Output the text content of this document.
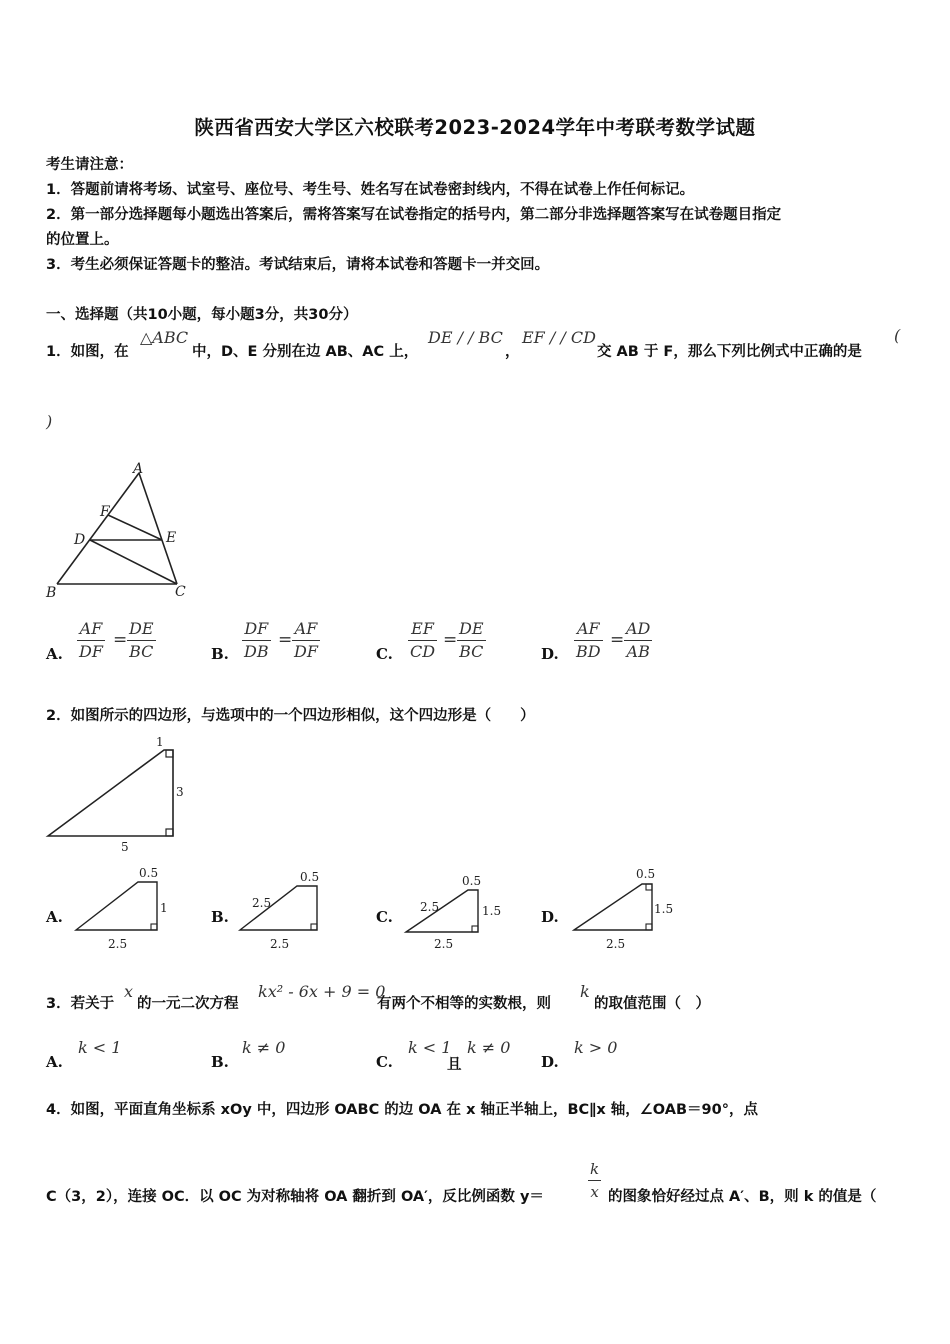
陕西省西安大学区六校联考2023-2024学年中考联考数学试题
考生请注意：
1．答题前请将考场、试室号、座位号、考生号、姓名写在试卷密封线内，不得在试卷上作任何标记。
2．第一部分选择题每小题选出答案后，需将答案写在试卷指定的括号内，第二部分非选择题答案写在试卷题目指定
的位置上。
3．考生必须保证答题卡的整洁。考试结束后，请将本试卷和答题卡一并交回。
一、选择题（共10小题，每小题3分，共30分）
1．如图，在
△ABC
中，D、E 分别在边 AB、AC 上，
DE / / BC
，
EF / / CD
交 AB 于 F，那么下列比例式中正确的是
(
)
A
F
D	E
B	C
A. $\frac{AF}{DF} = \frac{DE}{BC}$	B. $\frac{DF}{DB} = \frac{AF}{DF}$	C. $\frac{EF}{CD} = \frac{DE}{BC}$	D. $\frac{AF}{BD} = \frac{AD}{AB}$
2．如图所示的四边形，与选项中的一个四边形相似，这个四边形是（　　）
1
3
5
A.
0.5
1
2.5
B.
0.5
2.5
2.5
C.
0.5
1.5
2.5
2.5
D.
0.5
1.5
2.5
3．若关于
x
的一元二次方程
kx² - 6x + 9 = 0
有两个不相等的实数根，则
k
的取值范围（　）
A.
k < 1
B.
k ≠ 0
C.
k < 1
且
k ≠ 0
D.
k > 0
4．如图，平面直角坐标系 xOy 中，四边形 OABC 的边 OA 在 x 轴正半轴上，BC∥x 轴，∠OAB＝90°，点
C（3，2），连接 OC．以 OC 为对称轴将 OA 翻折到 OA′，反比例函数 y＝	$\frac{k}{x}$ 的图象恰好经过点 A′、B，则 k 的值是（
